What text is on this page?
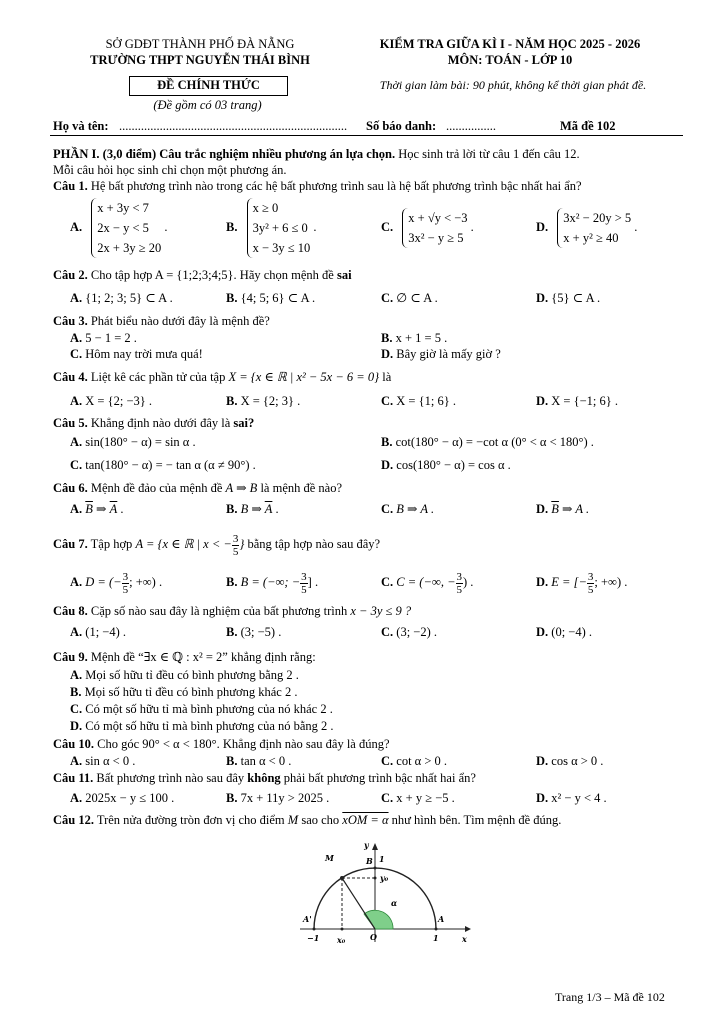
SỞ GDĐT THÀNH PHỐ ĐÀ NẴNG
TRƯỜNG THPT NGUYỄN THÁI BÌNH
ĐỀ CHÍNH THỨC
(Đề gồm có 03 trang)
KIỂM TRA GIỮA KÌ I - NĂM HỌC 2025 - 2026
MÔN: TOÁN - LỚP 10
Thời gian làm bài: 90 phút, không kể thời gian phát đề.
Họ và tên: ......................................................................... Số báo danh: ................	Mã đề 102
PHẦN I. (3,0 điểm) Câu trắc nghiệm nhiều phương án lựa chọn. Học sinh trả lời từ câu 1 đến câu 12.
Mỗi câu hỏi học sinh chỉ chọn một phương án.
Câu 1. Hệ bất phương trình nào trong các hệ bất phương trình sau là hệ bất phương trình bậc nhất hai ẩn?
A. x + 3y < 7
2x − y < 5
2x + 3y ≥ 20 .	B. x ≥ 0
3y² + 6 ≤ 0
x − 3y ≤ 10 .	C. x + √y < −3
3x² − y ≥ 5 .	D. 3x² − 20y > 5
x + y² ≥ 40 .
Câu 2. Cho tập hợp A = {1;2;3;4;5}. Hãy chọn mệnh đề sai
A. {1; 2; 3; 5} ⊂ A .	B. {4; 5; 6} ⊂ A .	C. ∅ ⊂ A .	D. {5} ⊂ A .
Câu 3. Phát biểu nào dưới đây là mệnh đề?
A. 5 − 1 = 2 .	B. x + 1 = 5 .
C. Hôm nay trời mưa quá!	D. Bây giờ là mấy giờ ?
Câu 4. Liệt kê các phần tử của tập X = {x ∈ ℝ | x² − 5x − 6 = 0} là
A. X = {2; −3} .	B. X = {2; 3} .	C. X = {1; 6} .	D. X = {−1; 6} .
Câu 5. Khẳng định nào dưới đây là sai?
A. sin(180° − α) = sin α .	B. cot(180° − α) = −cot α (0° < α < 180°) .
C. tan(180° − α) = − tan α (α ≠ 90°) .	D. cos(180° − α) = cos α .
Câu 6. Mệnh đề đảo của mệnh đề A ⇒ B là mệnh đề nào?
A. $\overline{B}$ ⇒ $\overline{A}$ .	B. B ⇒ $\overline{A}$ .	C. B ⇒ A .	D. $\overline{B}$ ⇒ A .
Câu 7. Tập hợp A = {x ∈ ℝ | x < − $\frac{3}{5}$ } bằng tập hợp nào sau đây?
A. D = (− $\frac{3}{5}$ ; +∞) .	B. B = (−∞; − $\frac{3}{5}$ ] .	C. C = (−∞, − $\frac{3}{5}$ ) .	D. E = [− $\frac{3}{5}$ ; +∞) .
Câu 8. Cặp số nào sau đây là nghiệm của bất phương trình x − 3y ≤ 9 ?
A. (1; −4) .	B. (3; −5) .	C. (3; −2) .	D. (0; −4) .
Câu 9. Mệnh đề “∃x ∈ ℚ : x² = 2” khẳng định rằng:
A. Mọi số hữu tỉ đều có bình phương bằng 2 .
B. Mọi số hữu tỉ đều có bình phương khác 2 .
C. Có một số hữu tỉ mà bình phương của nó khác 2 .
D. Có một số hữu tỉ mà bình phương của nó bằng 2 .
Câu 10. Cho góc 90° < α < 180°. Khẳng định nào sau đây là đúng?
A. sin α < 0 .	B. tan α < 0 .	C. cot α > 0 .	D. cos α > 0 .
Câu 11. Bất phương trình nào sau đây không phải bất phương trình bậc nhất hai ẩn?
A. 2025x − y ≤ 100 .	B. 7x + 11y > 2025 .	C. x + y ≥ −5 .	D. x² − y < 4 .
Câu 12. Trên nửa đường tròn đơn vị cho điểm M sao cho xOM = α như hình bên. Tìm mệnh đề đúng.
y
x
B
M	1
y₀
α
A'	A
−1 x₀	O	1
Trang 1/3 – Mã đề 102
